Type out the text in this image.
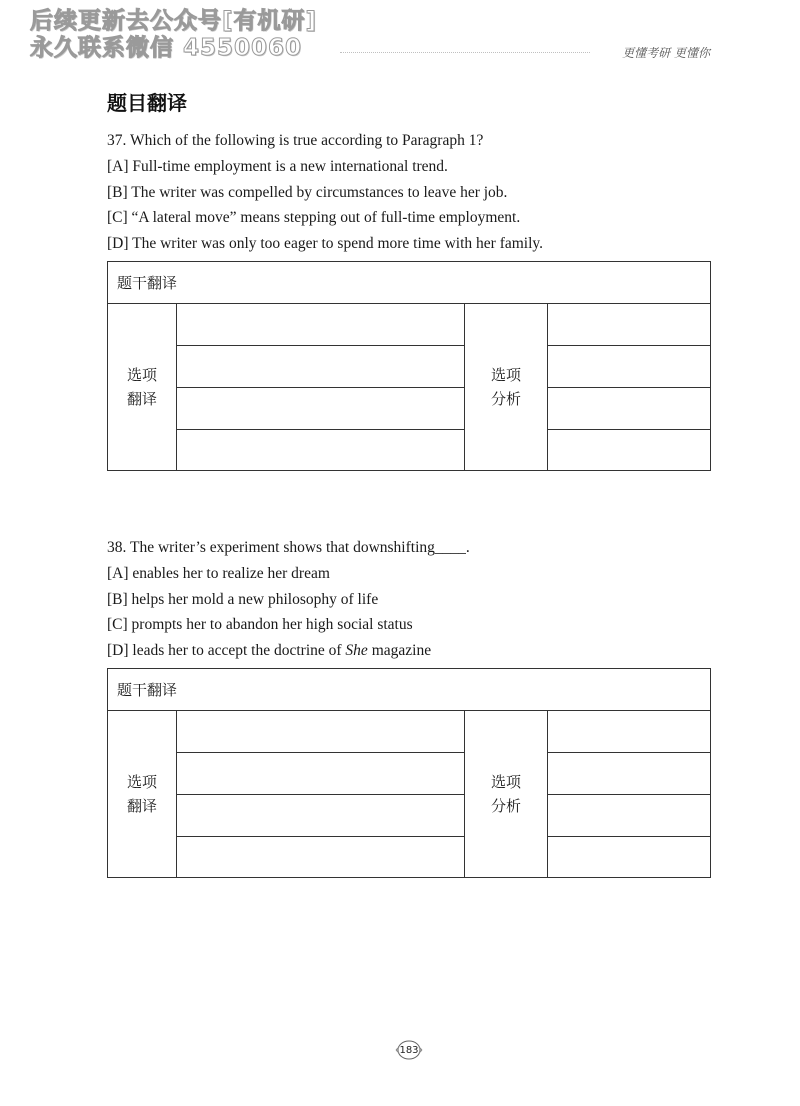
后续更新去公众号[有机研]
永久联系微信 4550060	更懂考研 更懂你
题目翻译
37. Which of the following is true according to Paragraph 1?
[A] Full-time employment is a new international trend.
[B] The writer was compelled by circumstances to leave her job.
[C] “A lateral move” means stepping out of full-time employment.
[D] The writer was only too eager to spend more time with her family.
题干翻译
选项
翻译
选项
分析
38. The writer’s experiment shows that downshifting____.
[A] enables her to realize her dream
[B] helps her mold a new philosophy of life
[C] prompts her to abandon her high social status
[D] leads her to accept the doctrine of She magazine
题干翻译
选项
翻译
选项
分析
183
